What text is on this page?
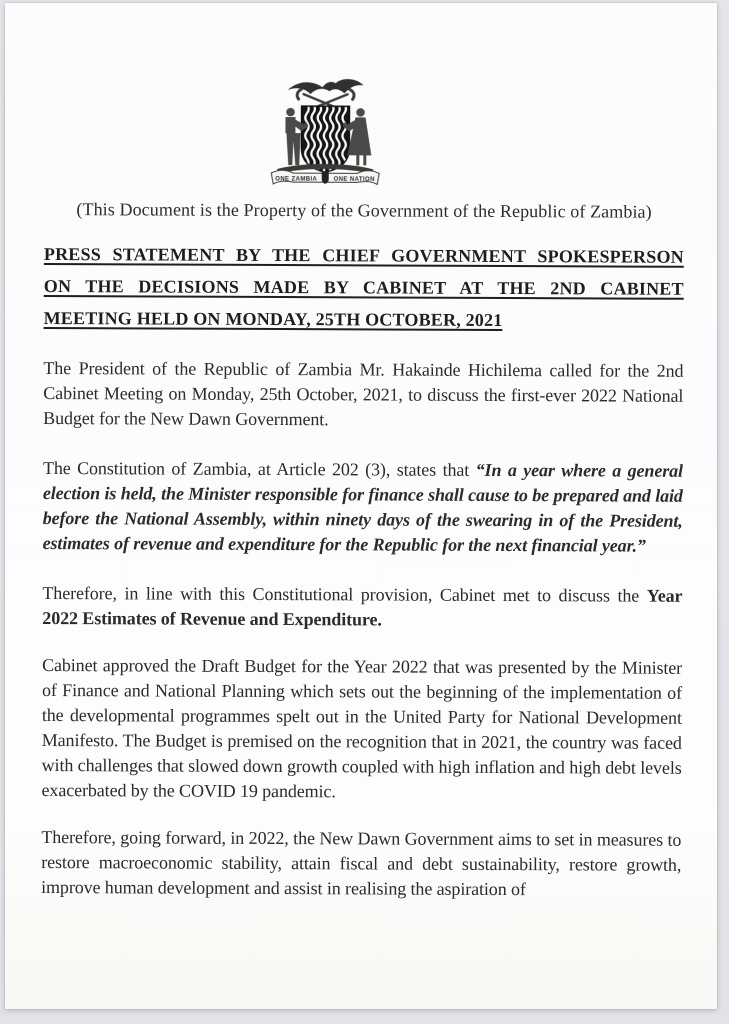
ONE ZAMBIA	ONE NATION
(This Document is the Property of the Government of the Republic of Zambia)
PRESS STATEMENT BY THE CHIEF GOVERNMENT SPOKESPERSON
ON THE DECISIONS MADE BY CABINET AT THE 2ND CABINET
MEETING HELD ON MONDAY, 25TH OCTOBER, 2021

The President of the Republic of Zambia Mr. Hakainde Hichilema called for the 2nd Cabinet Meeting on Monday, 25th October, 2021, to discuss the first-ever 2022 National Budget for the New Dawn Government.

The Constitution of Zambia, at Article 202 (3), states that “In a year where a general election is held, the Minister responsible for finance shall cause to be prepared and laid before the National Assembly, within ninety days of the swearing in of the President, estimates of revenue and expenditure for the Republic for the next financial year.”

Therefore, in line with this Constitutional provision, Cabinet met to discuss the Year 2022 Estimates of Revenue and Expenditure.

Cabinet approved the Draft Budget for the Year 2022 that was presented by the Minister of Finance and National Planning which sets out the beginning of the implementation of the developmental programmes spelt out in the United Party for National Development Manifesto. The Budget is premised on the recognition that in 2021, the country was faced with challenges that slowed down growth coupled with high inflation and high debt levels exacerbated by the COVID 19 pandemic.

Therefore, going forward, in 2022, the New Dawn Government aims to set in measures to restore macroeconomic stability, attain fiscal and debt sustainability, restore growth, improve human development and assist in realising the aspiration of
